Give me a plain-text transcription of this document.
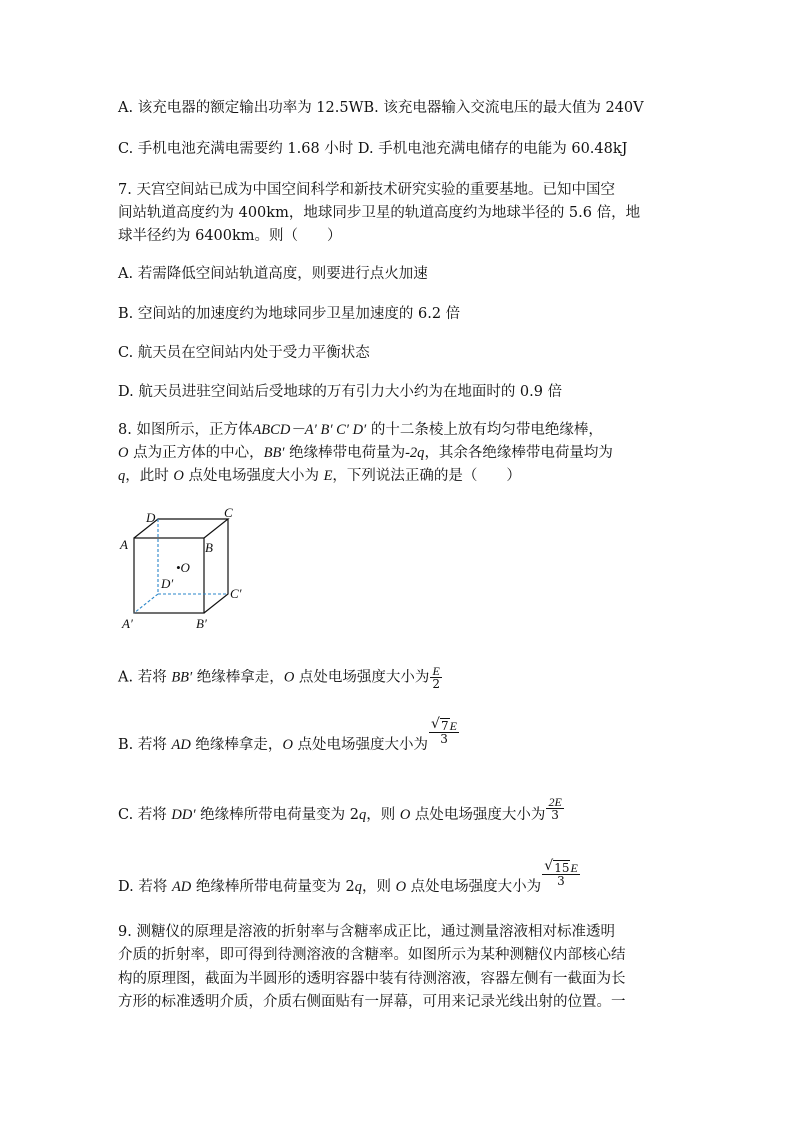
A. 该充电器的额定输出功率为 12.5WB. 该充电器输入交流电压的最大值为 240V
C. 手机电池充满电需要约 1.68 小时 D. 手机电池充满电储存的电能为 60.48kJ
7. 天宫空间站已成为中国空间科学和新技术研究实验的重要基地。已知中国空
间站轨道高度约为 400km，地球同步卫星的轨道高度约为地球半径的 5.6 倍，地
球半径约为 6400km。则（　　）
A. 若需降低空间站轨道高度，则要进行点火加速
B. 空间站的加速度约为地球同步卫星加速度的 6.2 倍
C. 航天员在空间站内处于受力平衡状态
D. 航天员进驻空间站后受地球的万有引力大小约为在地面时的 0.9 倍
8. 如图所示，正方体ABCD－A′ B′ C′ D′ 的十二条棱上放有均匀带电绝缘棒，
O 点为正方体的中心，BB′ 绝缘棒带电荷量为-2q，其余各绝缘棒带电荷量均为
q，此时 O 点处电场强度大小为 E，下列说法正确的是（　　）
D	C
A	B
•O
D′
C′
A′	B′
A. 若将 BB′ 绝缘棒拿走，O 点处电场强度大小为 $\frac{E}{2}$
B. 若将 AD 绝缘棒拿走，O 点处电场强度大小为
√ $\frac{7E}{3}$
C. 若将 DD′ 绝缘棒所带电荷量变为 2q，则 O 点处电场强度大小为 $\frac{2E}{3}$
D. 若将 AD 绝缘棒所带电荷量变为 2q，则 O 点处电场强度大小为
√ $\frac{15E}{3}$
9. 测糖仪的原理是溶液的折射率与含糖率成正比，通过测量溶液相对标准透明
介质的折射率，即可得到待测溶液的含糖率。如图所示为某种测糖仪内部核心结
构的原理图，截面为半圆形的透明容器中装有待测溶液，容器左侧有一截面为长
方形的标准透明介质，介质右侧面贴有一屏幕，可用来记录光线出射的位置。一
